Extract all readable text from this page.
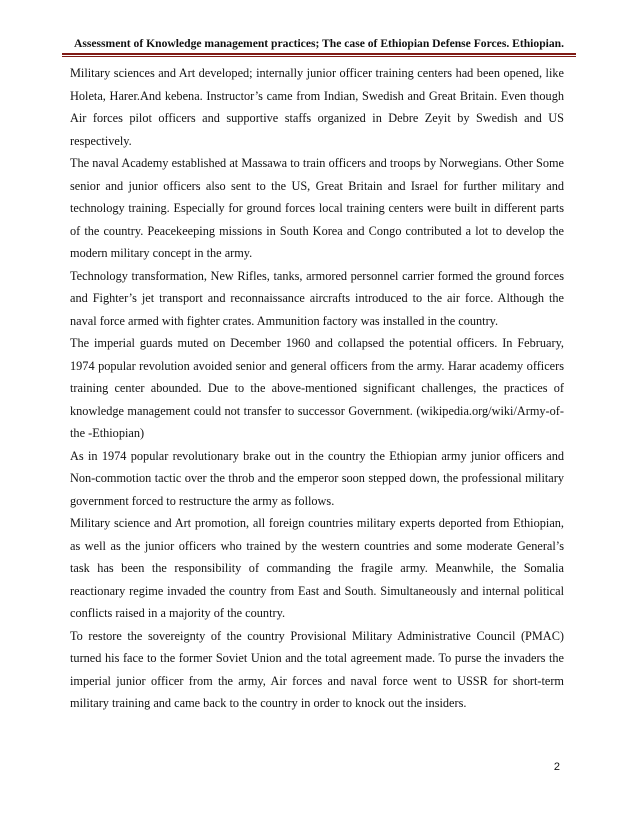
Assessment of Knowledge management practices; The case of Ethiopian Defense Forces. Ethiopian.

Military sciences and Art developed; internally junior officer training centers had been opened, like Holeta, Harer.And kebena. Instructor’s came from Indian, Swedish and Great Britain. Even though Air forces pilot officers and supportive staffs organized in Debre Zeyit by Swedish and US respectively.

The naval Academy established at Massawa to train officers and troops by Norwegians. Other Some senior and junior officers also sent to the US, Great Britain and Israel for further military and technology training. Especially for ground forces local training centers were built in different parts of the country. Peacekeeping missions in South Korea and Congo contributed a lot to develop the modern military concept in the army.

Technology transformation, New Rifles, tanks, armored personnel carrier formed the ground forces and Fighter’s jet transport and reconnaissance aircrafts introduced to the air force. Although the naval force armed with fighter crates. Ammunition factory was installed in the country.

The imperial guards muted on December 1960 and collapsed the potential officers. In February, 1974 popular revolution avoided senior and general officers from the army. Harar academy officers training center abounded. Due to the above-mentioned significant challenges, the practices of knowledge management could not transfer to successor Government. (wikipedia.org/wiki/Army-of-the -Ethiopian)

As in 1974 popular revolutionary brake out in the country the Ethiopian army junior officers and Non-commotion tactic over the throb and the emperor soon stepped down, the professional military government forced to restructure the army as follows.

Military science and Art promotion, all foreign countries military experts deported from Ethiopian, as well as the junior officers who trained by the western countries and some moderate General’s task has been the responsibility of commanding the fragile army. Meanwhile, the Somalia reactionary regime invaded the country from East and South. Simultaneously and internal political conflicts raised in a majority of the country.

To restore the sovereignty of the country Provisional Military Administrative Council (PMAC) turned his face to the former Soviet Union and the total agreement made. To purse the invaders the imperial junior officer from the army, Air forces and naval force went to USSR for short-term military training and came back to the country in order to knock out the insiders.

2
